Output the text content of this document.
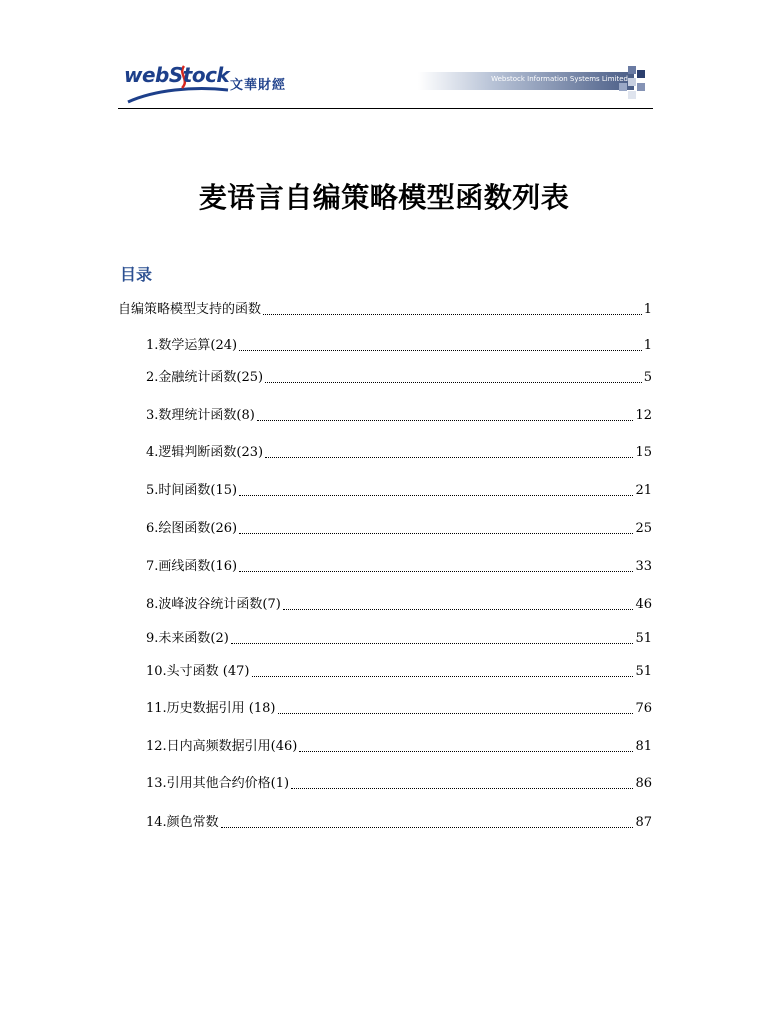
webStock 文華財經	Webstock Information Systems Limited
麦语言自编策略模型函数列表
目录
自编策略模型支持的函数	1
1.数学运算(24)	1
2.金融统计函数(25)	5
3.数理统计函数(8)	12
4.逻辑判断函数(23)	15
5.时间函数(15)	21
6.绘图函数(26)	25
7.画线函数(16)	33
8.波峰波谷统计函数(7)	46
9.未来函数(2)	51
10.头寸函数 (47)	51
11.历史数据引用 (18)	76
12.日内高频数据引用(46)	81
13.引用其他合约价格(1)	86
14.颜色常数	87
